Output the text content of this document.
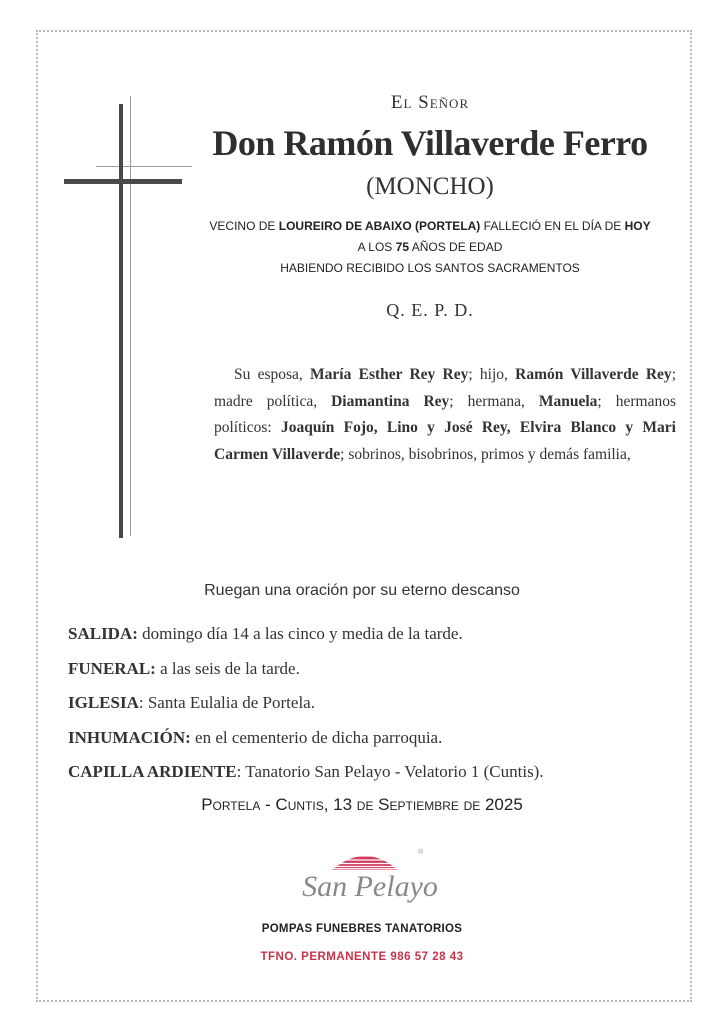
El Señor
Don Ramón Villaverde Ferro
(MONCHO)
VECINO DE LOUREIRO DE ABAIXO (PORTELA) FALLECIÓ EN EL DÍA DE HOY
A LOS 75 AÑOS DE EDAD
HABIENDO RECIBIDO LOS SANTOS SACRAMENTOS
Q. E. P. D.
Su esposa, María Esther Rey Rey; hijo, Ramón Villaverde Rey; madre política, Diamantina Rey; hermana, Manuela; hermanos políticos: Joaquín Fojo, Lino y José Rey, Elvira Blanco y Mari Carmen Villaverde; sobrinos, bisobrinos, primos y demás familia,
Ruegan una oración por su eterno descanso
SALIDA: domingo día 14 a las cinco y media de la tarde.
FUNERAL: a las seis de la tarde.
IGLESIA: Santa Eulalia de Portela.
INHUMACIÓN: en el cementerio de dicha parroquia.
CAPILLA ARDIENTE: Tanatorio San Pelayo - Velatorio 1 (Cuntis).
Portela - Cuntis, 13 de Septiembre de 2025
®
San Pelayo
POMPAS FUNEBRES TANATORIOS
TFNO. PERMANENTE 986 57 28 43
